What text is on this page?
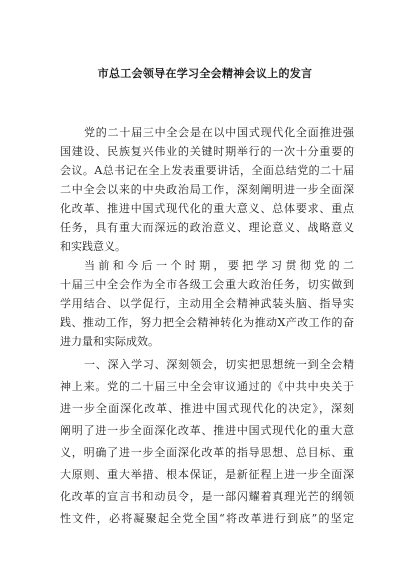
市总工会领导在学习全会精神会议上的发言
党的二十届三中全会是在以中国式现代化全面推进强
国建设、民族复兴伟业的关键时期举行的一次十分重要的
会议。A总书记在全上发表重要讲话，全面总结党的二十届
二中全会以来的中央政治局工作，深刻阐明进一步全面深
化改革、推进中国式现代化的重大意义、总体要求、重点
任务，具有重大而深远的政治意义、理论意义、战略意义
和实践意义。
当前和今后一个时期，要把学习贯彻党的二
十届三中全会作为全市各级工会重大政治任务，切实做到
学用结合、以学促行，主动用全会精神武装头脑、指导实
践、推动工作，努力把全会精神转化为推动X产改工作的奋
进力量和实际成效。
一、深入学习、深刻领会，切实把思想统一到全会精
神上来。党的二十届三中全会审议通过的《中共中央关于
进一步全面深化改革、推进中国式现代化的决定》，深刻
阐明了进一步全面深化改革、推进中国式现代化的重大意
义，明确了进一步全面深化改革的指导思想、总目标、重
大原则、重大举措、根本保证，是新征程上进一步全面深
化改革的宣言书和动员令，是一部闪耀着真理光芒的纲领
性文件，必将凝聚起全党全国“将改革进行到底”的坚定
